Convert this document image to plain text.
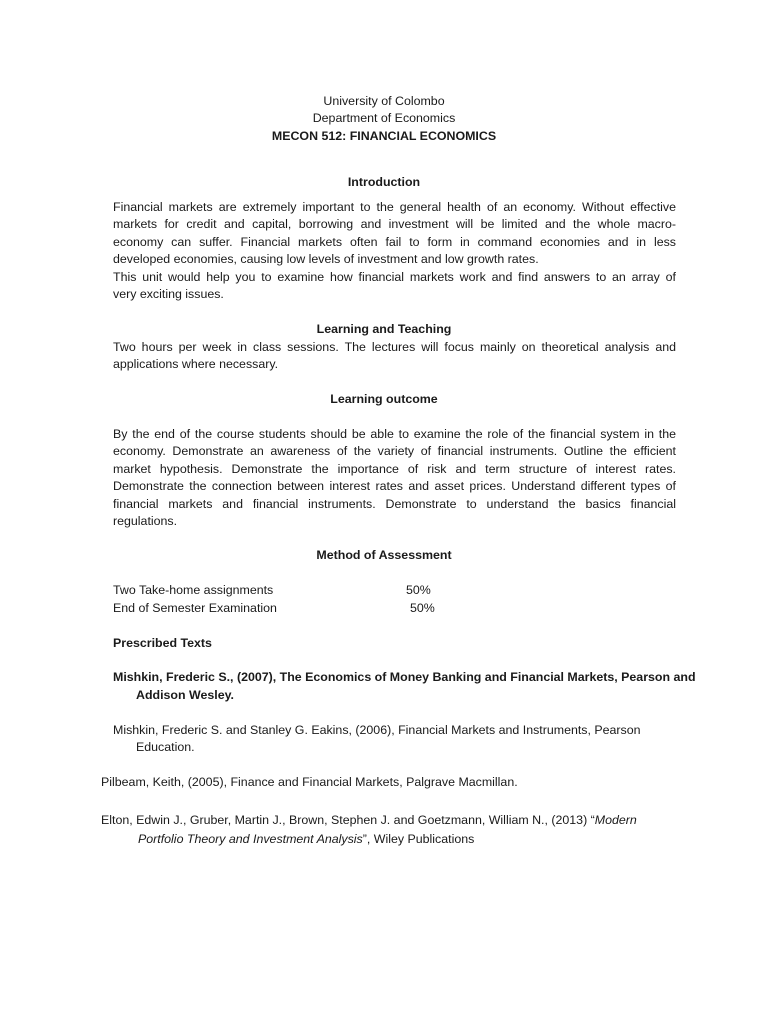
University of Colombo
Department of Economics
MECON 512: FINANCIAL ECONOMICS
Introduction

Financial markets are extremely important to the general health of an economy. Without effective

markets for credit and capital, borrowing and investment will be limited and the whole macro-

economy can suffer. Financial markets often fail to form in command economies and in less

developed economies, causing low levels of investment and low growth rates.

This unit would help you to examine how financial markets work and find answers to an array of

very exciting issues.

Learning and Teaching

Two hours per week in class sessions. The lectures will focus mainly on theoretical analysis and

applications where necessary.

Learning outcome

By the end of the course students should be able to examine the role of the financial system in the

economy. Demonstrate an awareness of the variety of financial instruments. Outline the efficient

market hypothesis. Demonstrate the importance of risk and term structure of interest rates.

Demonstrate the connection between interest rates and asset prices. Understand different types of

financial markets and financial instruments. Demonstrate to understand the basics financial

regulations.

Method of Assessment
Two Take-home assignments	50%
End of Semester Examination	50%
Prescribed Texts
Mishkin, Frederic S., (2007), The Economics of Money Banking and Financial Markets, Pearson and
Addison Wesley.
Mishkin, Frederic S. and Stanley G. Eakins, (2006), Financial Markets and Instruments, Pearson
Education.
Pilbeam, Keith, (2005), Finance and Financial Markets, Palgrave Macmillan.
Elton, Edwin J., Gruber, Martin J., Brown, Stephen J. and Goetzmann, William N., (2013) “Modern
Portfolio Theory and Investment Analysis”, Wiley Publications
